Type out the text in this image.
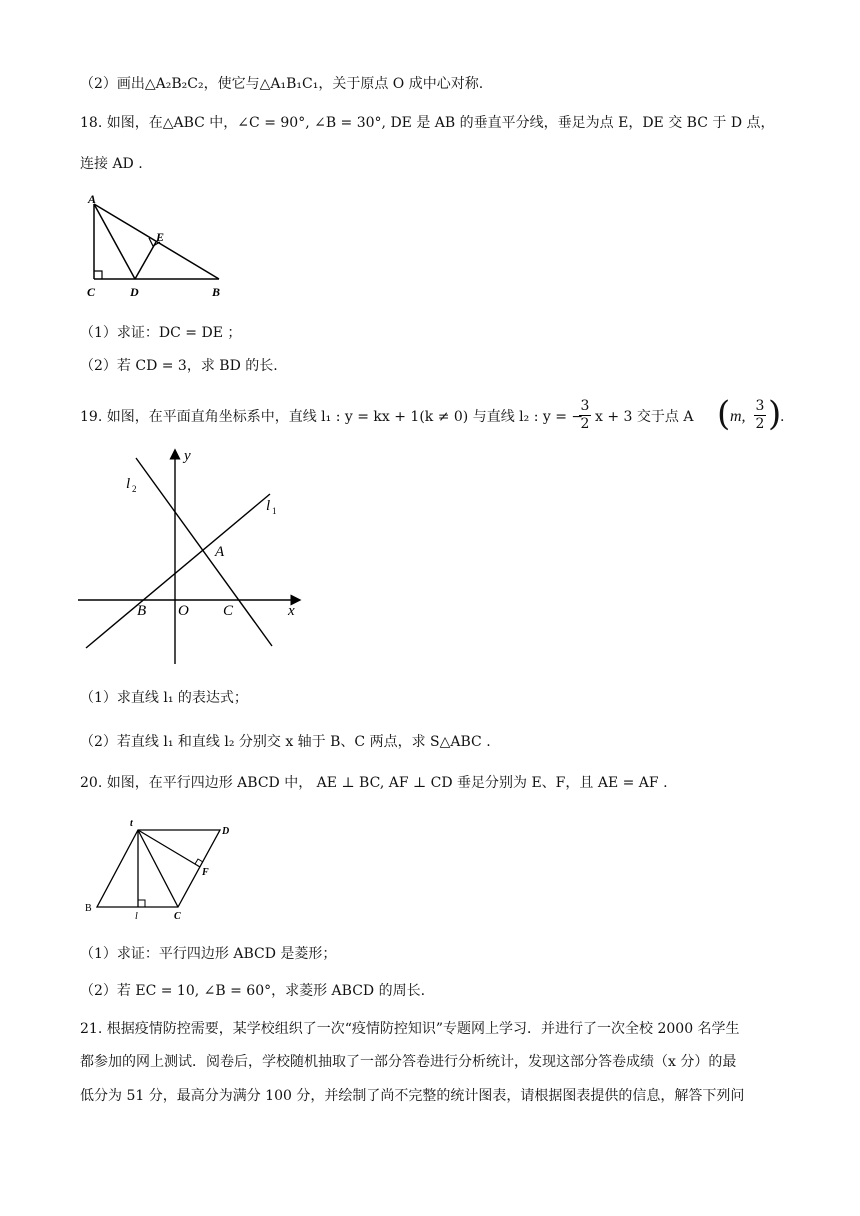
（2）画出△A₂B₂C₂，使它与△A₁B₁C₁，关于原点 O 成中心对称.
18. 如图，在△ABC 中，∠C = 90°, ∠B = 30°, DE 是 AB 的垂直平分线，垂足为点 E，DE 交 BC 于 D 点，
连接 AD .
A
E
C	D	B
（1）求证：DC = DE ；
（2）若 CD = 3，求 BD 的长.
19. 如图，在平面直角坐标系中，直线 l₁ : y = kx + 1(k ≠ 0) 与直线 l₂ : y = −
$\frac{3}{2}$ x + 3 交于点 A ( m, $\frac{3}{2}$ )
.
y
x
l 2
l 1
A
B O C
（1）求直线 l₁ 的表达式；
（2）若直线 l₁ 和直线 l₂ 分别交 x 轴于 B、C 两点，求 S△ABC .
20. 如图，在平行四边形 ABCD 中， AE ⊥ BC, AF ⊥ CD 垂足分别为 E、F，且 AE = AF .
t
D
F
B
l	C
（1）求证：平行四边形 ABCD 是菱形；
（2）若 EC = 10, ∠B = 60°，求菱形 ABCD 的周长.
21. 根据疫情防控需要，某学校组织了一次“疫情防控知识”专题网上学习．并进行了一次全校 2000 名学生
都参加的网上测试．阅卷后，学校随机抽取了一部分答卷进行分析统计，发现这部分答卷成绩（x 分）的最
低分为 51 分，最高分为满分 100 分，并绘制了尚不完整的统计图表，请根据图表提供的信息，解答下列问
